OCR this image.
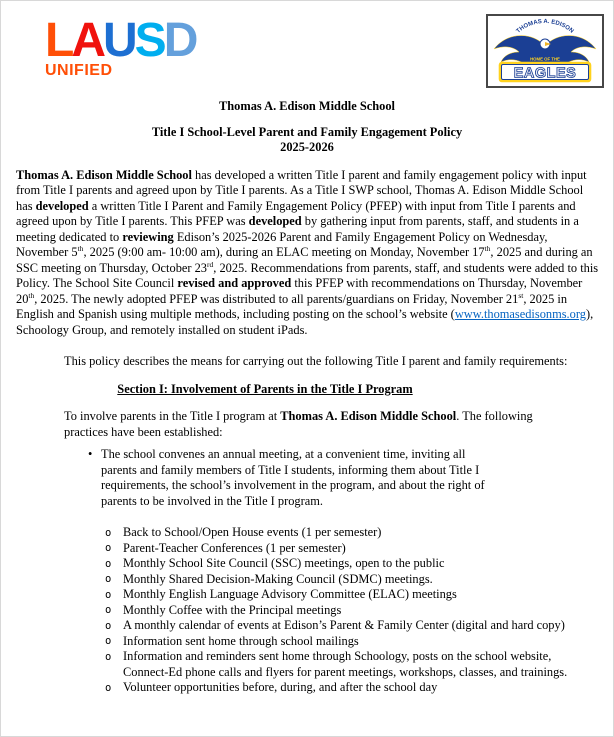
LAUSD
UNIFIED
THOMAS A. EDISON
HOME OF THE
EAGLES
Thomas A. Edison Middle School
Title I School-Level Parent and Family Engagement Policy
2025-2026

Thomas A. Edison Middle School has developed a written Title I parent and family engagement policy with input from Title I parents and agreed upon by Title I parents. As a Title I SWP school, Thomas A. Edison Middle School has developed a written Title I Parent and Family Engagement Policy (PFEP) with input from Title I parents and agreed upon by Title I parents. This PFEP was developed by gathering input from parents, staff, and students in a meeting dedicated to reviewing Edison’s 2025-2026 Parent and Family Engagement Policy on Wednesday, November 5th, 2025 (9:00 am- 10:00 am), during an ELAC meeting on Monday, November 17th, 2025 and during an SSC meeting on Thursday, October 23rd, 2025. Recommendations from parents, staff, and students were added to this Policy. The School Site Council revised and approved this PFEP with recommendations on Thursday, November 20th, 2025. The newly adopted PFEP was distributed to all parents/guardians on Friday, November 21st, 2025 in English and Spanish using multiple methods, including posting on the school’s website (www.thomasedisonms.org), Schoology Group, and remotely installed on student iPads.

This policy describes the means for carrying out the following Title I parent and family requirements:

Section I: Involvement of Parents in the Title I Program

To involve parents in the Title I program at Thomas A. Edison Middle School. The following practices have been established:

• The school convenes an annual meeting, at a convenient time, inviting all parents and family members of Title I students, informing them about Title I requirements, the school’s involvement in the program, and about the right of parents to be involved in the Title I program.
o Back to School/Open House events (1 per semester)
o Parent-Teacher Conferences (1 per semester)
o Monthly School Site Council (SSC) meetings, open to the public
o Monthly Shared Decision-Making Council (SDMC) meetings.
o Monthly English Language Advisory Committee (ELAC) meetings
o Monthly Coffee with the Principal meetings
o A monthly calendar of events at Edison’s Parent & Family Center (digital and hard copy)
o Information sent home through school mailings
o Information and reminders sent home through Schoology, posts on the school website, Connect-Ed phone calls and flyers for parent meetings, workshops, classes, and trainings.
o Volunteer opportunities before, during, and after the school day
